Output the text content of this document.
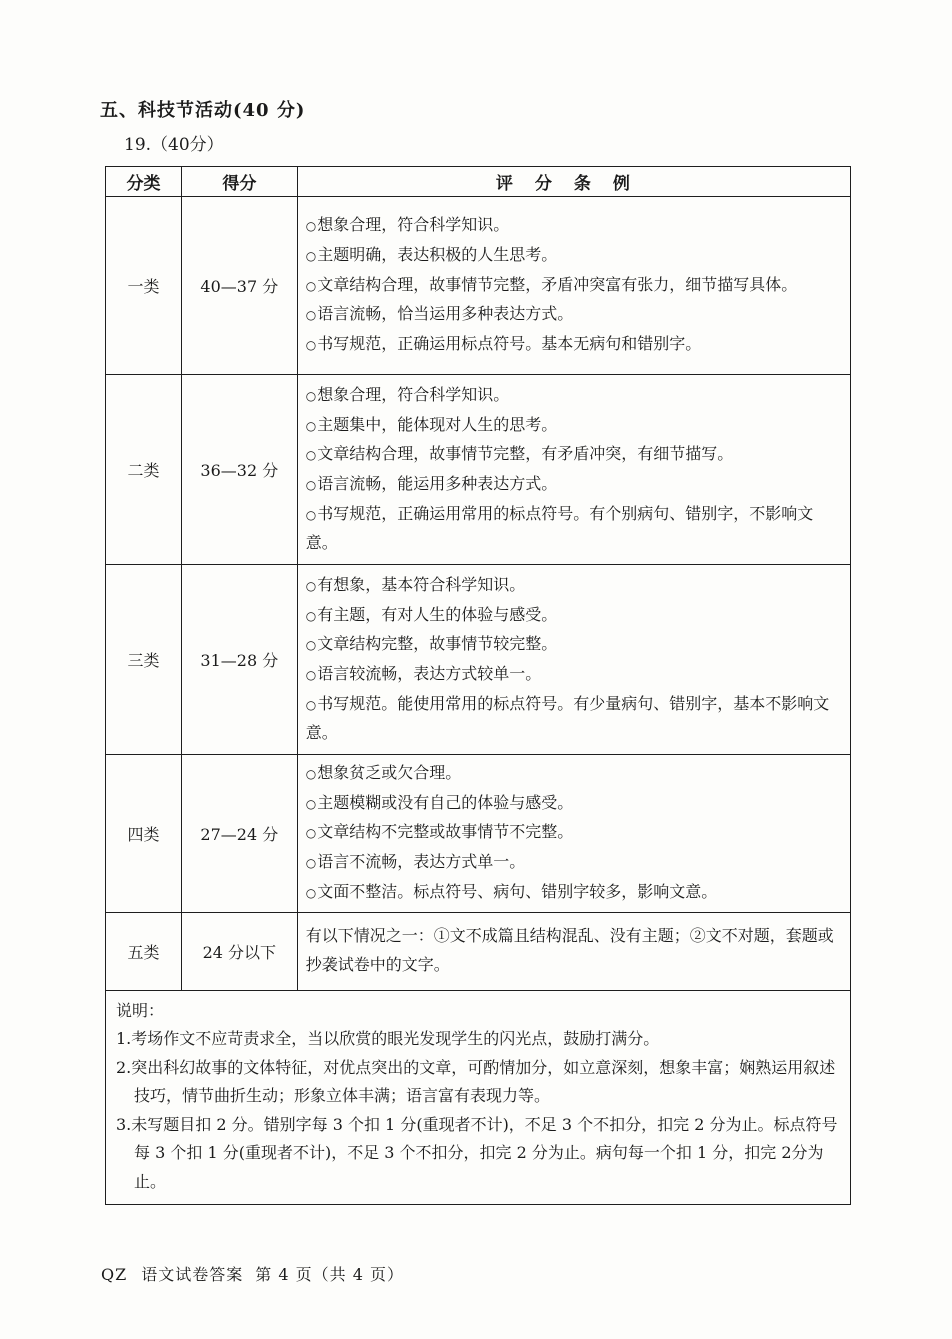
五、科技节活动(40 分)
19.（40分）
分类	得分	评分条例
一类	40—37 分	○ 想象合理，符合科学知识。
○ 主题明确，表达积极的人生思考。
○ 文章结构合理，故事情节完整，矛盾冲突富有张力，细节描写具体。
○ 语言流畅，恰当运用多种表达方式。
○ 书写规范，正确运用标点符号。基本无病句和错别字。

二类	36—32 分	○ 想象合理，符合科学知识。
○ 主题集中，能体现对人生的思考。
○ 文章结构合理，故事情节完整，有矛盾冲突，有细节描写。
○ 语言流畅，能运用多种表达方式。
○ 书写规范，正确运用常用的标点符号。有个别病句、错别字，不影响文意。

三类	31—28 分	○ 有想象，基本符合科学知识。
○ 有主题，有对人生的体验与感受。
○ 文章结构完整，故事情节较完整。
○ 语言较流畅，表达方式较单一。
○ 书写规范。能使用常用的标点符号。有少量病句、错别字，基本不影响文意。

四类	27—24 分	○ 想象贫乏或欠合理。
○ 主题模糊或没有自己的体验与感受。
○ 文章结构不完整或故事情节不完整。
○ 语言不流畅，表达方式单一。
○ 文面不整洁。标点符号、病句、错别字较多，影响文意。

五类	24 分以下	有以下情况之一：①文不成篇且结构混乱、没有主题；②文不对题，套题或抄袭试卷中的文字。

说明：
1.考场作文不应苛责求全，当以欣赏的眼光发现学生的闪光点，鼓励打满分。
2.突出科幻故事的文体特征，对优点突出的文章，可酌情加分，如立意深刻，想象丰富；娴熟运用叙述技巧，情节曲折生动；形象立体丰满；语言富有表现力等。
3.未写题目扣 2 分。错别字每 3 个扣 1 分(重现者不计)，不足 3 个不扣分，扣完 2 分为止。标点符号每 3 个扣 1 分(重现者不计)，不足 3 个不扣分，扣完 2 分为止。病句每一个扣 1 分，扣完 2分为止。		
QZ 语文试卷答案 第 4 页（共 4 页）
